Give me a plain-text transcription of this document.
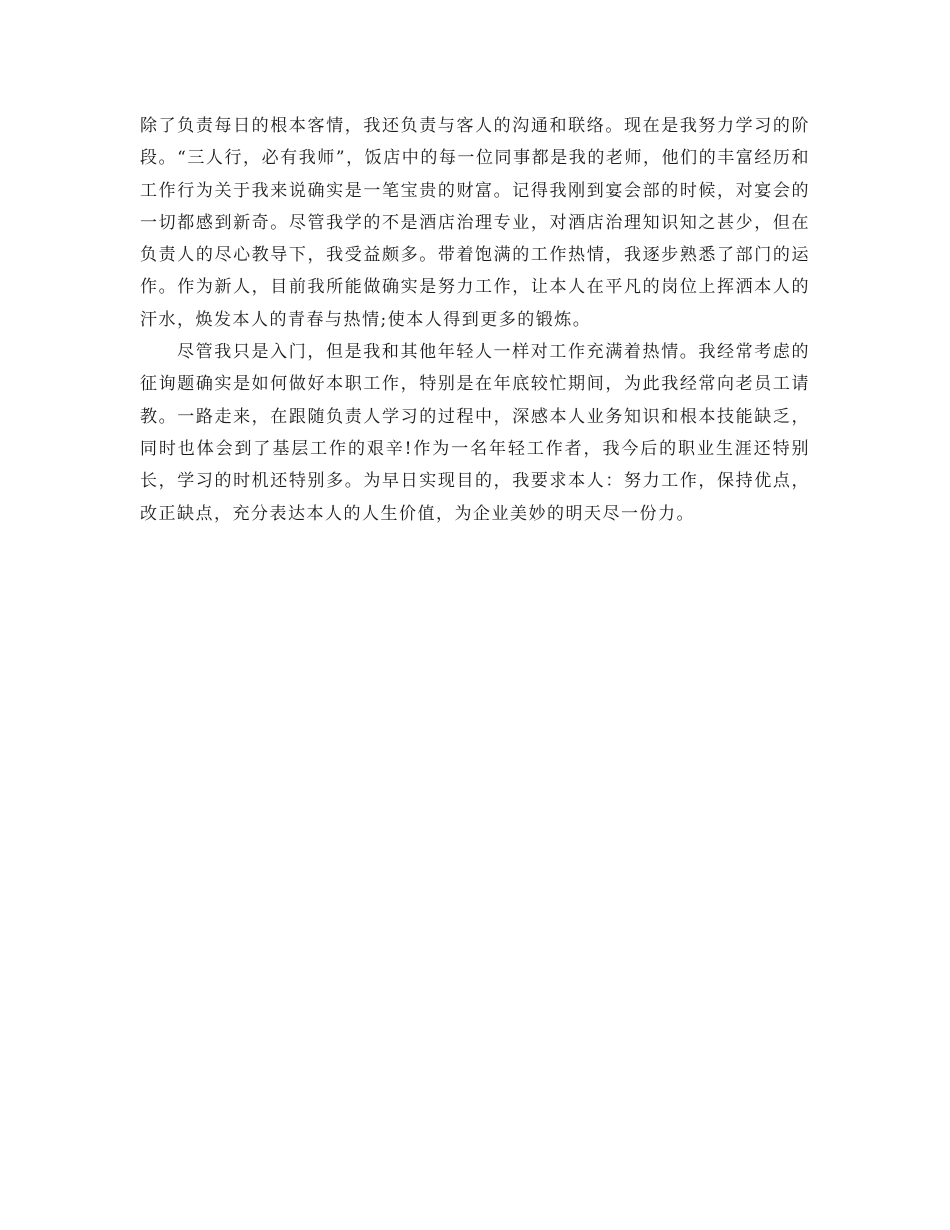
除了负责每日的根本客情，我还负责与客人的沟通和联络。现在是我努力学习的阶段。“三人行，必有我师”，饭店中的每一位同事都是我的老师，他们的丰富经历和工作行为关于我来说确实是一笔宝贵的财富。记得我刚到宴会部的时候，对宴会的一切都感到新奇。尽管我学的不是酒店治理专业，对酒店治理知识知之甚少，但在负责人的尽心教导下，我受益颇多。带着饱满的工作热情，我逐步熟悉了部门的运作。作为新人，目前我所能做确实是努力工作，让本人在平凡的岗位上挥洒本人的汗水，焕发本人的青春与热情;使本人得到更多的锻炼。

尽管我只是入门，但是我和其他年轻人一样对工作充满着热情。我经常考虑的征询题确实是如何做好本职工作，特别是在年底较忙期间，为此我经常向老员工请教。一路走来，在跟随负责人学习的过程中，深感本人业务知识和根本技能缺乏，同时也体会到了基层工作的艰辛!作为一名年轻工作者，我今后的职业生涯还特别长，学习的时机还特别多。为早日实现目的，我要求本人：努力工作，保持优点，改正缺点，充分表达本人的人生价值，为企业美妙的明天尽一份力。
